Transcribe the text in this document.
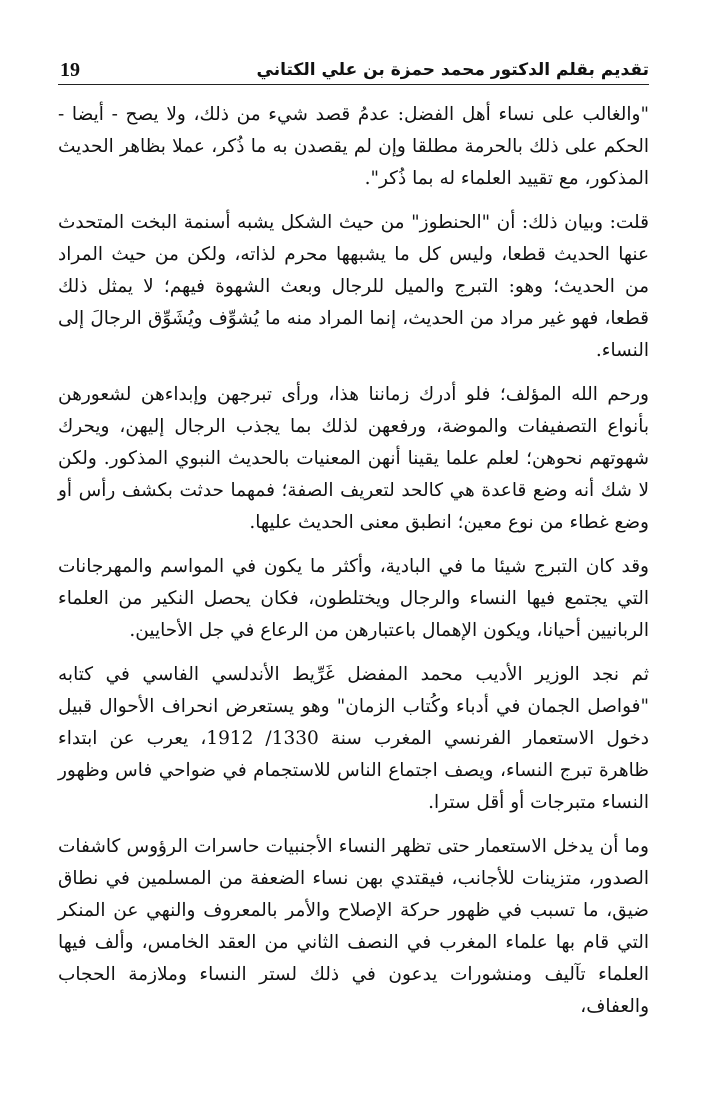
تقديم بقلم الدكتور محمد حمزة بن علي الكتاني
19

"والغالب على نساء أهل الفضل: عدمُ قصد شيء من ذلك، ولا يصح - أيضا - الحكم على ذلك بالحرمة مطلقا وإن لم يقصدن به ما ذُكر، عملا بظاهر الحديث المذكور، مع تقييد العلماء له بما ذُكر".

قلت: وبيان ذلك: أن "الحنطوز" من حيث الشكل يشبه أسنمة البخت المتحدث عنها الحديث قطعا، وليس كل ما يشبهها محرم لذاته، ولكن من حيث المراد من الحديث؛ وهو: التبرج والميل للرجال وبعث الشهوة فيهم؛ لا يمثل ذلك قطعا، فهو غير مراد من الحديث، إنما المراد منه ما يُشوِّف ويُشَوِّق الرجالَ إلى النساء.

ورحم الله المؤلف؛ فلو أدرك زماننا هذا، ورأى تبرجهن وإبداءهن لشعورهن بأنواع التصفيفات والموضة، ورفعهن لذلك بما يجذب الرجال إليهن، ويحرك شهوتهم نحوهن؛ لعلم علما يقينا أنهن المعنيات بالحديث النبوي المذكور. ولكن لا شك أنه وضع قاعدة هي كالحد لتعريف الصفة؛ فمهما حدثت بكشف رأس أو وضع غطاء من نوع معين؛ انطبق معنى الحديث عليها.

وقد كان التبرج شيئا ما في البادية، وأكثر ما يكون في المواسم والمهرجانات التي يجتمع فيها النساء والرجال ويختلطون، فكان يحصل النكير من العلماء الربانيين أحيانا، ويكون الإهمال باعتبارهن من الرعاع في جل الأحايين.

ثم نجد الوزير الأديب محمد المفضل غَرِّيط الأندلسي الفاسي في كتابه "فواصل الجمان في أدباء وكُتاب الزمان" وهو يستعرض انحراف الأحوال قبيل دخول الاستعمار الفرنسي المغرب سنة 1330/ 1912، يعرب عن ابتداء ظاهرة تبرج النساء، ويصف اجتماع الناس للاستجمام في ضواحي فاس وظهور النساء متبرجات أو أقل سترا.

وما أن يدخل الاستعمار حتى تظهر النساء الأجنبيات حاسرات الرؤوس كاشفات الصدور، متزينات للأجانب، فيقتدي بهن نساء الضعفة من المسلمين في نطاق ضيق، ما تسبب في ظهور حركة الإصلاح والأمر بالمعروف والنهي عن المنكر التي قام بها علماء المغرب في النصف الثاني من العقد الخامس، وألف فيها العلماء تآليف ومنشورات يدعون في ذلك لستر النساء وملازمة الحجاب والعفاف،
